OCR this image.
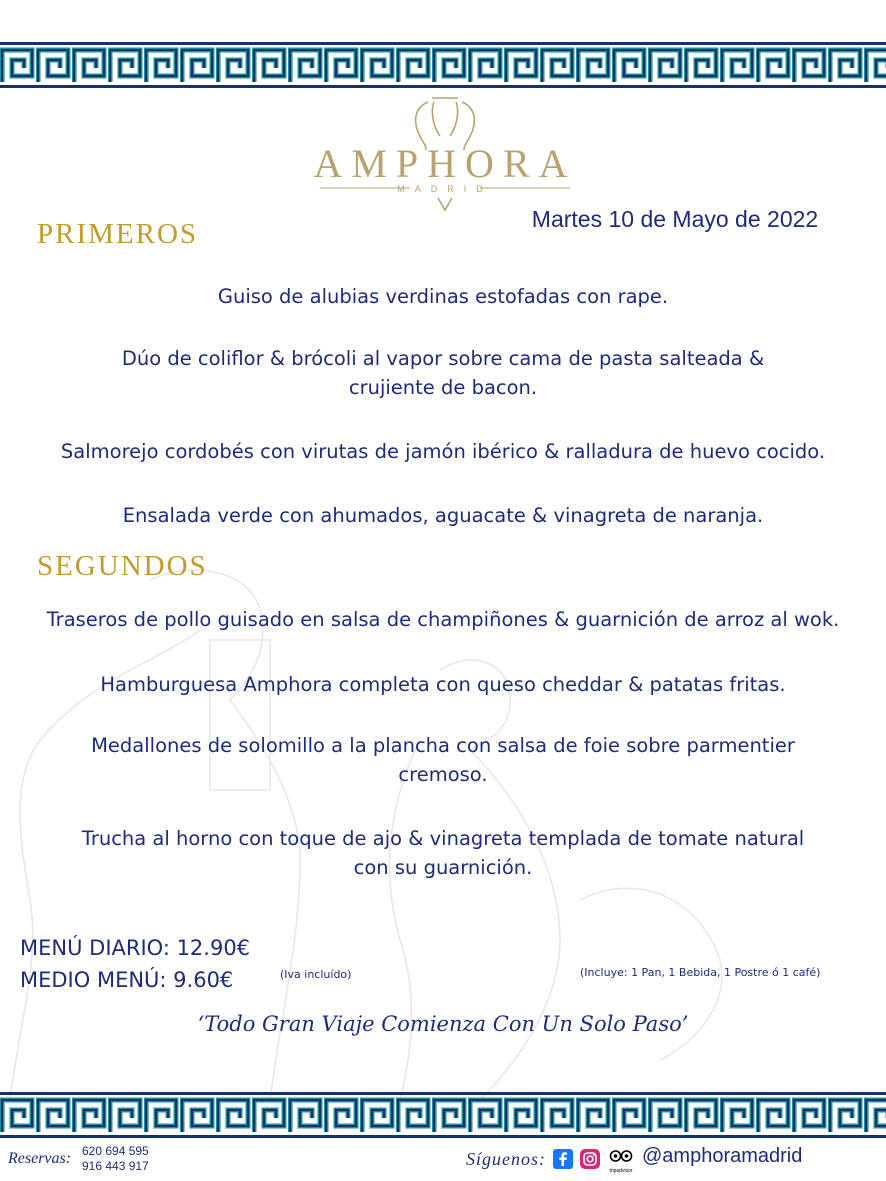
AMPHORA
MADRID
Martes 10 de Mayo de 2022
PRIMEROS
Guiso de alubias verdinas estofadas con rape.
Dúo de coliflor & brócoli al vapor sobre cama de pasta salteada &
crujiente de bacon.
Salmorejo cordobés con virutas de jamón ibérico & ralladura de huevo cocido.
Ensalada verde con ahumados, aguacate & vinagreta de naranja.
SEGUNDOS
Traseros de pollo guisado en salsa de champiñones & guarnición de arroz al wok.
Hamburguesa Amphora completa con queso cheddar & patatas fritas.
Medallones de solomillo a la plancha con salsa de foie sobre parmentier
cremoso.
Trucha al horno con toque de ajo & vinagreta templada de tomate natural
con su guarnición.
MENÚ DIARIO: 12.90€
MEDIO MENÚ: 9.60€	(Iva incluído)	(Incluye: 1 Pan, 1 Bebida, 1 Postre ó 1 café)
‘Todo Gran Viaje Comienza Con Un Solo Paso’
Reservas: 620 694 595
916 443 917	Síguenos:
tripadvisor
@amphoramadrid
